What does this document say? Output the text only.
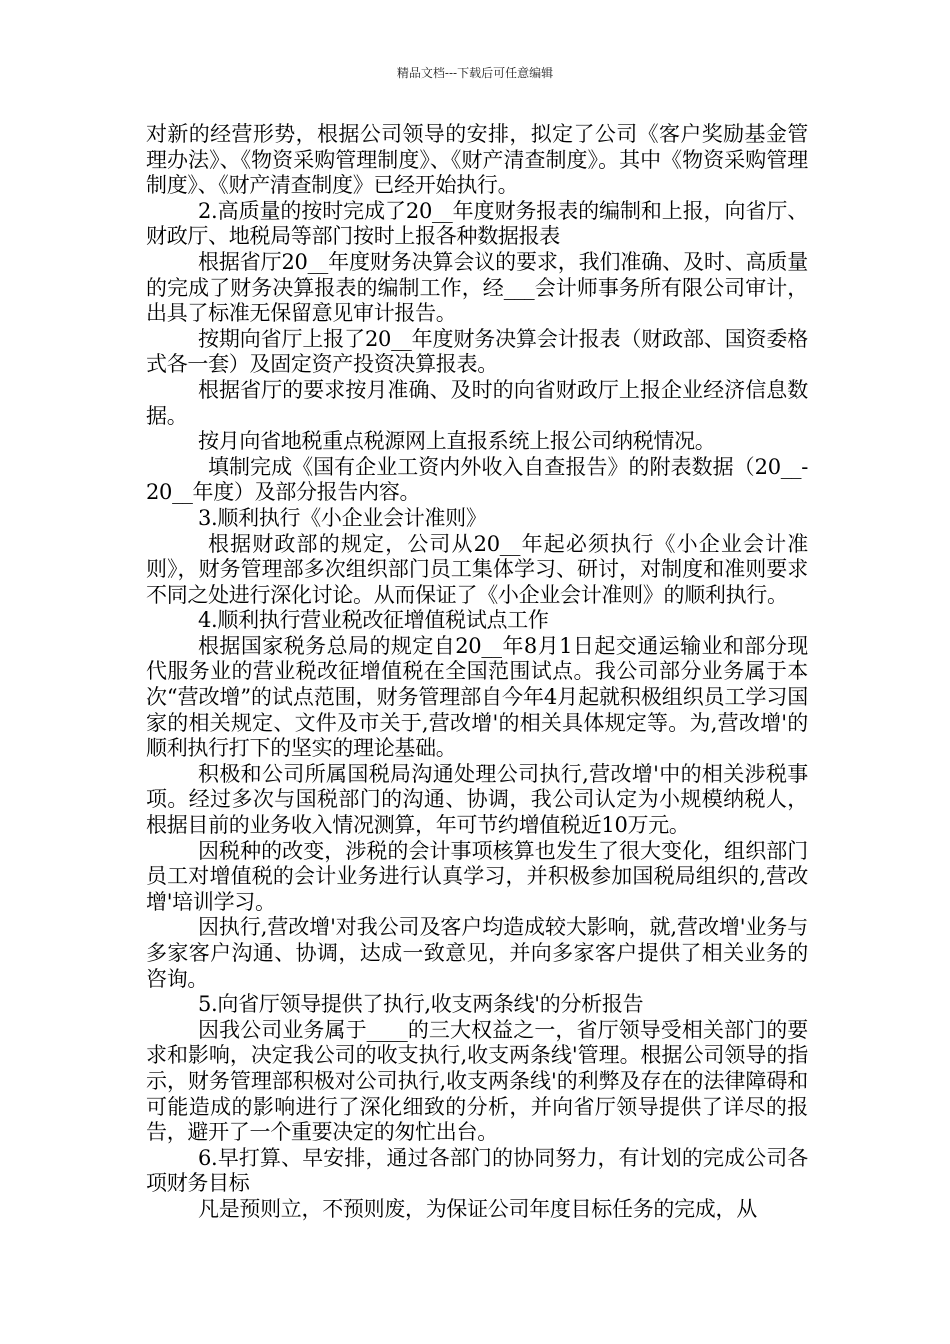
精品文档---下载后可任意编辑

对新的经营形势，根据公司领导的安排，拟定了公司《客户奖励基金管理办法》、《物资采购管理制度》、《财产清查制度》。其中《物资采购管理制度》、《财产清查制度》已经开始执行。

2.高质量的按时完成了20__年度财务报表的编制和上报，向省厅、财政厅、地税局等部门按时上报各种数据报表

根据省厅20__年度财务决算会议的要求，我们准确、及时、高质量的完成了财务决算报表的编制工作，经___会计师事务所有限公司审计，出具了标准无保留意见审计报告。

按期向省厅上报了20__年度财务决算会计报表（财政部、国资委格式各一套）及固定资产投资决算报表。

根据省厅的要求按月准确、及时的向省财政厅上报企业经济信息数据。

按月向省地税重点税源网上直报系统上报公司纳税情况。

填制完成《国有企业工资内外收入自查报告》的附表数据（20__-20__年度）及部分报告内容。

3.顺利执行《小企业会计准则》

根据财政部的规定，公司从20__年起必须执行《小企业会计准则》，财务管理部多次组织部门员工集体学习、研讨，对制度和准则要求不同之处进行深化讨论。从而保证了《小企业会计准则》的顺利执行。

4.顺利执行营业税改征增值税试点工作

根据国家税务总局的规定自20__年8月1日起交通运输业和部分现代服务业的营业税改征增值税在全国范围试点。我公司部分业务属于本次“营改增”的试点范围，财务管理部自今年4月起就积极组织员工学习国家的相关规定、文件及市关于,营改增'的相关具体规定等。为,营改增'的顺利执行打下的坚实的理论基础。

积极和公司所属国税局沟通处理公司执行,营改增'中的相关涉税事项。经过多次与国税部门的沟通、协调，我公司认定为小规模纳税人，根据目前的业务收入情况测算，年可节约增值税近10万元。

因税种的改变，涉税的会计事项核算也发生了很大变化，组织部门员工对增值税的会计业务进行认真学习，并积极参加国税局组织的,营改增'培训学习。

因执行,营改增'对我公司及客户均造成较大影响，就,营改增'业务与多家客户沟通、协调，达成一致意见，并向多家客户提供了相关业务的咨询。

5.向省厅领导提供了执行,收支两条线'的分析报告

因我公司业务属于____的三大权益之一，省厅领导受相关部门的要求和影响，决定我公司的收支执行,收支两条线'管理。根据公司领导的指示，财务管理部积极对公司执行,收支两条线'的利弊及存在的法律障碍和可能造成的影响进行了深化细致的分析，并向省厅领导提供了详尽的报告，避开了一个重要决定的匆忙出台。

6.早打算、早安排，通过各部门的协同努力，有计划的完成公司各项财务目标

凡是预则立，不预则废，为保证公司年度目标任务的完成，从
